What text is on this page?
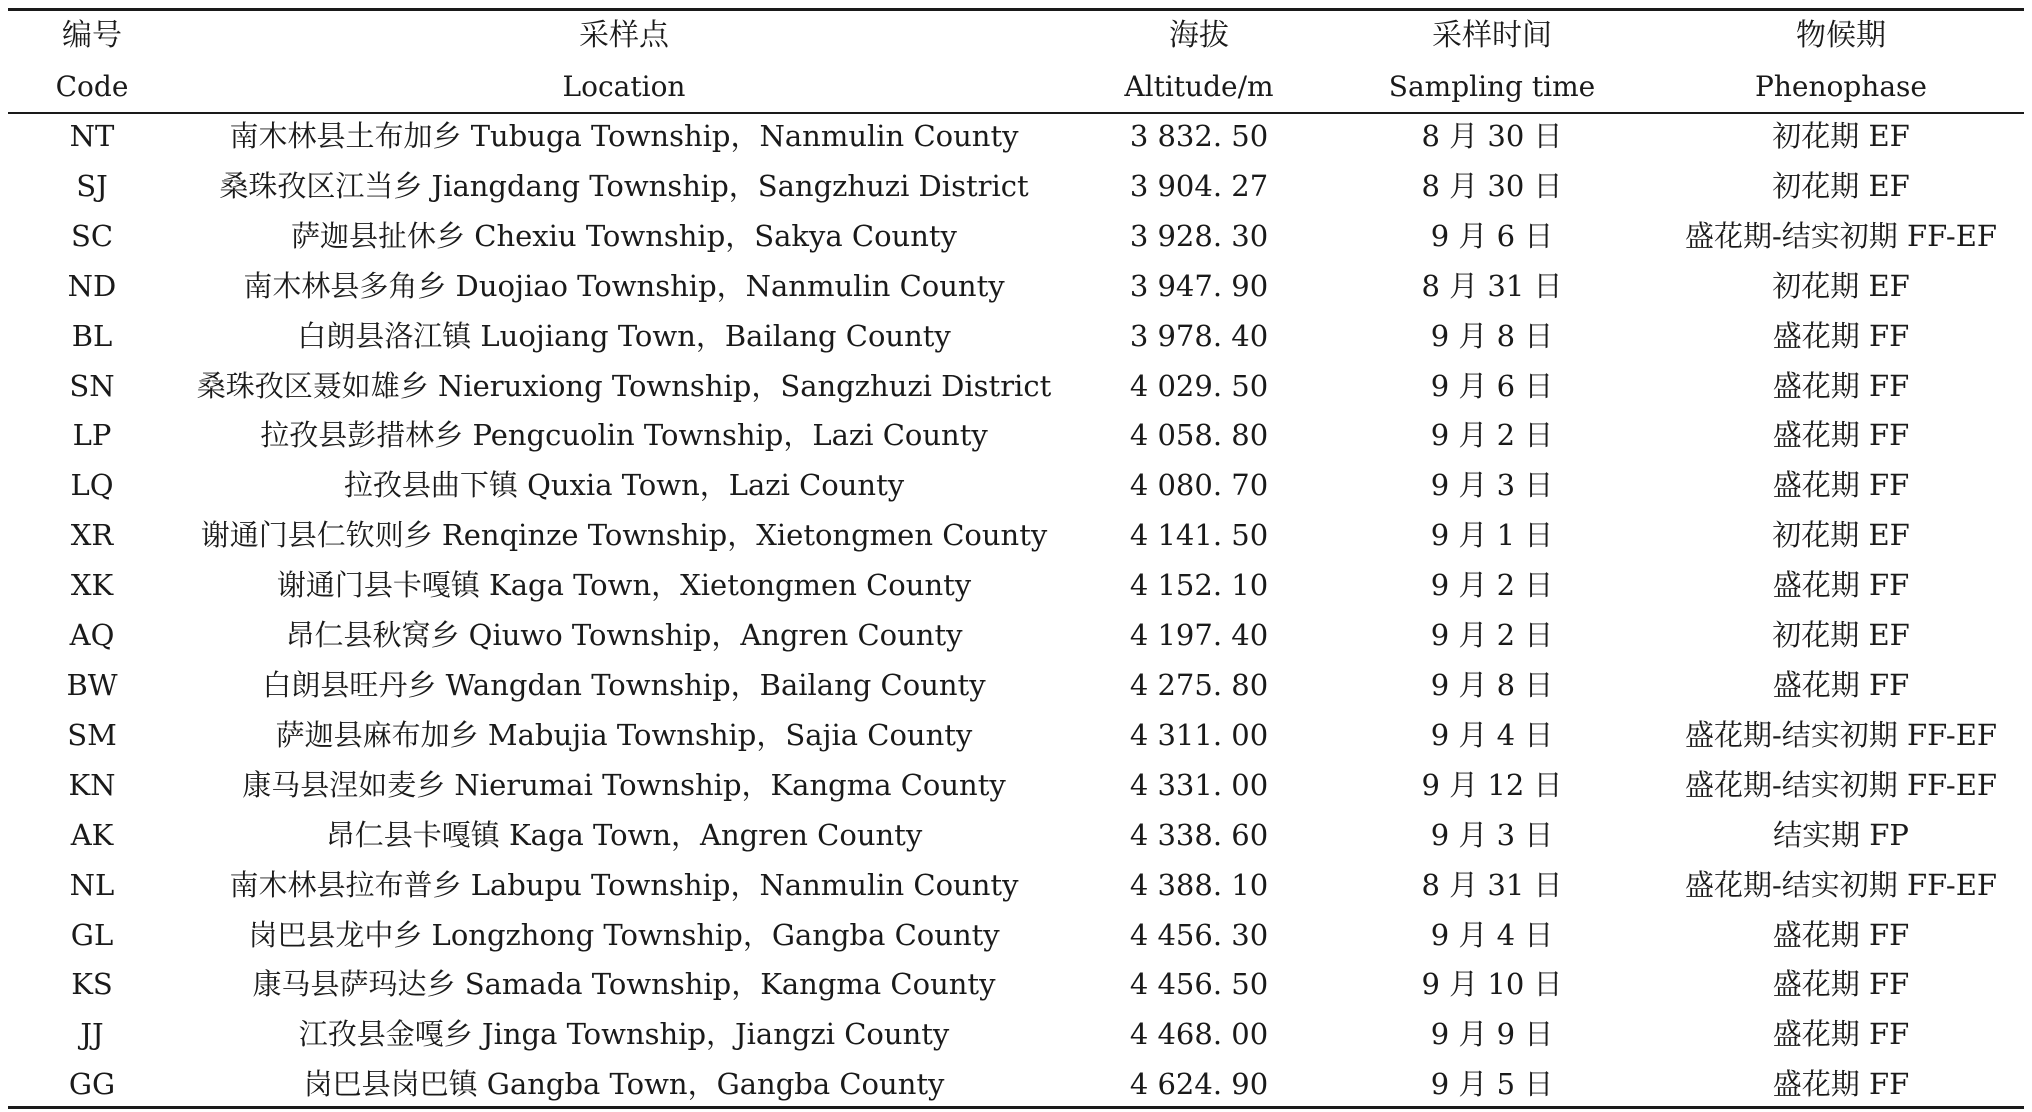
编号	采样点	海拔	采样时间	物候期
Code	Location	Altitude/m	Sampling time	Phenophase
NT	南木林县土布加乡 Tubuga Township，Nanmulin County	3 832. 50	8 月 30 日	初花期 EF
SJ	桑珠孜区江当乡 Jiangdang Township，Sangzhuzi District	3 904. 27	8 月 30 日	初花期 EF
SC	萨迦县扯休乡 Chexiu Township，Sakya County	3 928. 30	9 月 6 日	盛花期-结实初期 FF-EF
ND	南木林县多角乡 Duojiao Township，Nanmulin County	3 947. 90	8 月 31 日	初花期 EF
BL	白朗县洛江镇 Luojiang Town，Bailang County	3 978. 40	9 月 8 日	盛花期 FF
SN	桑珠孜区聂如雄乡 Nieruxiong Township，Sangzhuzi District	4 029. 50	9 月 6 日	盛花期 FF
LP	拉孜县彭措林乡 Pengcuolin Township，Lazi County	4 058. 80	9 月 2 日	盛花期 FF
LQ	拉孜县曲下镇 Quxia Town，Lazi County	4 080. 70	9 月 3 日	盛花期 FF
XR	谢通门县仁钦则乡 Renqinze Township，Xietongmen County	4 141. 50	9 月 1 日	初花期 EF
XK	谢通门县卡嘎镇 Kaga Town，Xietongmen County	4 152. 10	9 月 2 日	盛花期 FF
AQ	昂仁县秋窝乡 Qiuwo Township，Angren County	4 197. 40	9 月 2 日	初花期 EF
BW	白朗县旺丹乡 Wangdan Township，Bailang County	4 275. 80	9 月 8 日	盛花期 FF
SM	萨迦县麻布加乡 Mabujia Township，Sajia County	4 311. 00	9 月 4 日	盛花期-结实初期 FF-EF
KN	康马县涅如麦乡 Nierumai Township，Kangma County	4 331. 00	9 月 12 日	盛花期-结实初期 FF-EF
AK	昂仁县卡嘎镇 Kaga Town，Angren County	4 338. 60	9 月 3 日	结实期 FP
NL	南木林县拉布普乡 Labupu Township，Nanmulin County	4 388. 10	8 月 31 日	盛花期-结实初期 FF-EF
GL	岗巴县龙中乡 Longzhong Township，Gangba County	4 456. 30	9 月 4 日	盛花期 FF
KS	康马县萨玛达乡 Samada Township，Kangma County	4 456. 50	9 月 10 日	盛花期 FF
JJ	江孜县金嘎乡 Jinga Township，Jiangzi County	4 468. 00	9 月 9 日	盛花期 FF
GG	岗巴县岗巴镇 Gangba Town，Gangba County	4 624. 90	9 月 5 日	盛花期 FF
